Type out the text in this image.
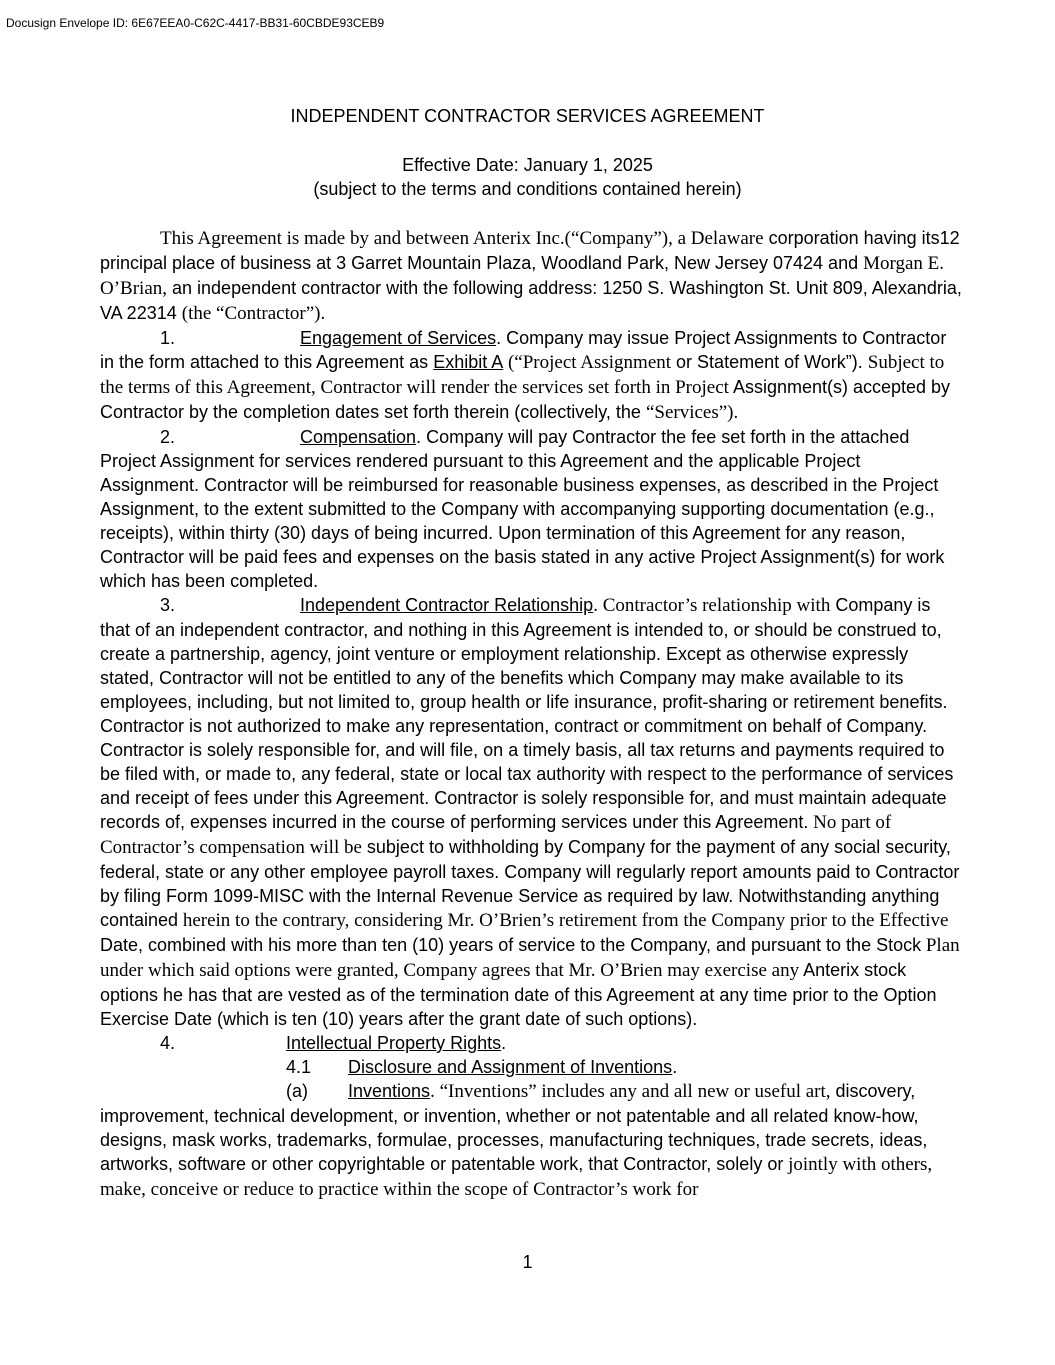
Docusign Envelope ID: 6E67EEA0-C62C-4417-BB31-60CBDE93CEB9
INDEPENDENT CONTRACTOR SERVICES AGREEMENT
Effective Date: January 1, 2025
(subject to the terms and conditions contained herein)

This Agreement is made by and between Anterix Inc.(“Company”), a Delaware corporation having its12 principal place of business at 3 Garret Mountain Plaza, Woodland Park, New Jersey 07424 and Morgan E. O’Brian, an independent contractor with the following address: 1250 S. Washington St. Unit 809, Alexandria, VA 22314 (the “Contractor”).

1.	Engagement of Services. Company may issue Project Assignments to Contractor in the form attached to this Agreement as Exhibit A (“Project Assignment or Statement of Work”). Subject to the terms of this Agreement, Contractor will render the services set forth in Project Assignment(s) accepted by Contractor by the completion dates set forth therein (collectively, the “Services”).

2.	Compensation. Company will pay Contractor the fee set forth in the attached Project Assignment for services rendered pursuant to this Agreement and the applicable Project Assignment. Contractor will be reimbursed for reasonable business expenses, as described in the Project Assignment, to the extent submitted to the Company with accompanying supporting documentation (e.g., receipts), within thirty (30) days of being incurred. Upon termination of this Agreement for any reason, Contractor will be paid fees and expenses on the basis stated in any active Project Assignment(s) for work which has been completed.

3.	Independent Contractor Relationship. Contractor’s relationship with Company is that of an independent contractor, and nothing in this Agreement is intended to, or should be construed to, create a partnership, agency, joint venture or employment relationship. Except as otherwise expressly stated, Contractor will not be entitled to any of the benefits which Company may make available to its employees, including, but not limited to, group health or life insurance, profit-sharing or retirement benefits. Contractor is not authorized to make any representation, contract or commitment on behalf of Company. Contractor is solely responsible for, and will file, on a timely basis, all tax returns and payments required to be filed with, or made to, any federal, state or local tax authority with respect to the performance of services and receipt of fees under this Agreement. Contractor is solely responsible for, and must maintain adequate records of, expenses incurred in the course of performing services under this Agreement. No part of Contractor’s compensation will be subject to withholding by Company for the payment of any social security, federal, state or any other employee payroll taxes. Company will regularly report amounts paid to Contractor by filing Form 1099-MISC with the Internal Revenue Service as required by law. Notwithstanding anything contained herein to the contrary, considering Mr. O’Brien’s retirement from the Company prior to the Effective Date, combined with his more than ten (10) years of service to the Company, and pursuant to the Stock Plan under which said options were granted, Company agrees that Mr. O’Brien may exercise any Anterix stock options he has that are vested as of the termination date of this Agreement at any time prior to the Option Exercise Date (which is ten (10) years after the grant date of such options).

4.	Intellectual Property Rights.

4.1 Disclosure and Assignment of Inventions.

(a) Inventions. “Inventions” includes any and all new or useful art, discovery, improvement, technical development, or invention, whether or not patentable and all related know-how, designs, mask works, trademarks, formulae, processes, manufacturing techniques, trade secrets, ideas, artworks, software or other copyrightable or patentable work, that Contractor, solely or jointly with others, make, conceive or reduce to practice within the scope of Contractor’s work for

1
